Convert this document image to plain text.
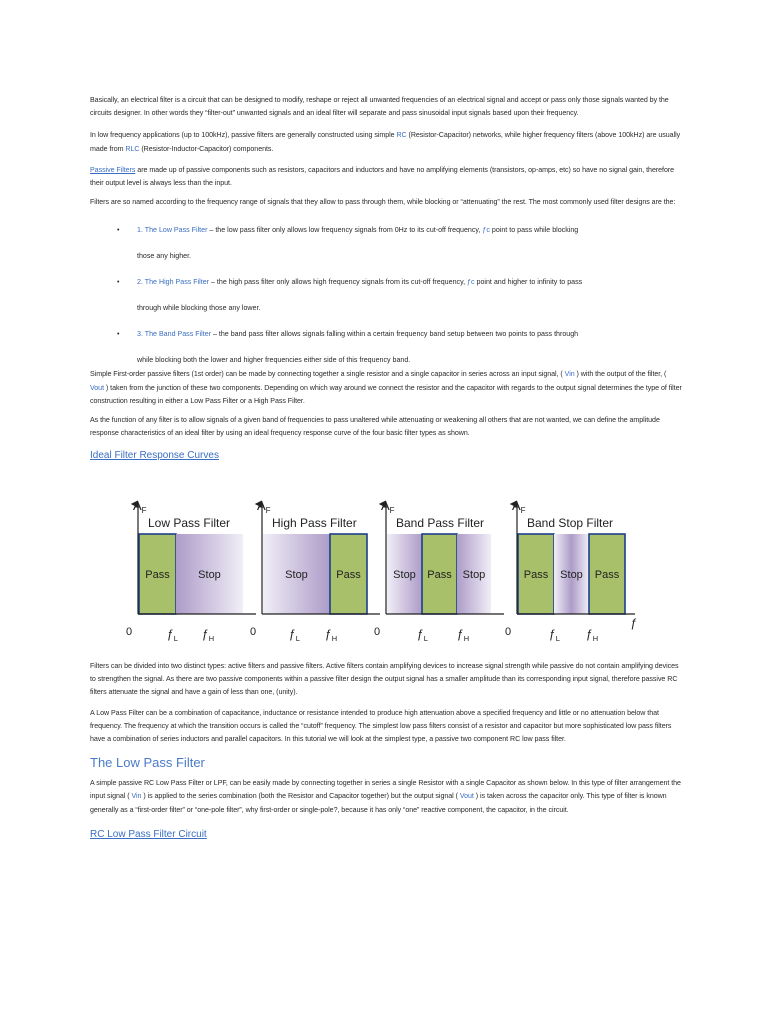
Basically, an electrical filter is a circuit that can be designed to modify, reshape or reject all unwanted frequencies of an electrical signal and accept or pass only those signals wanted by the circuits designer. In other words they “filter-out” unwanted signals and an ideal filter will separate and pass sinusoidal input signals based upon their frequency.

In low frequency applications (up to 100kHz), passive filters are generally constructed using simple RC (Resistor-Capacitor) networks, while higher frequency filters (above 100kHz) are usually made from RLC (Resistor-Inductor-Capacitor) components.

Passive Filters are made up of passive components such as resistors, capacitors and inductors and have no amplifying elements (transistors, op-amps, etc) so have no signal gain, therefore their output level is always less than the input.

Filters are so named according to the frequency range of signals that they allow to pass through them, while blocking or “attenuating” the rest. The most commonly used filter designs are the:

• 1. The Low Pass Filter – the low pass filter only allows low frequency signals from 0Hz to its cut-off frequency, ƒc point to pass while blocking
those any higher.
• 2. The High Pass Filter – the high pass filter only allows high frequency signals from its cut-off frequency, ƒc point and higher to infinity to pass
through while blocking those any lower.
• 3. The Band Pass Filter – the band pass filter allows signals falling within a certain frequency band setup between two points to pass through
while blocking both the lower and higher frequencies either side of this frequency band.

Simple First-order passive filters (1st order) can be made by connecting together a single resistor and a single capacitor in series across an input signal, ( Vin ) with the output of the filter, ( Vout ) taken from the junction of these two components. Depending on which way around we connect the resistor and the capacitor with regards to the output signal determines the type of filter construction resulting in either a Low Pass Filter or a High Pass Filter.

As the function of any filter is to allow signals of a given band of frequencies to pass unaltered while attenuating or weakening all others that are not wanted, we can define the amplitude response characteristics of an ideal filter by using an ideal frequency response curve of the four basic filter types as shown.

Ideal Filter Response Curves

Pass	Stop
$A_F$
Low Pass Filter
0
Stop	Pass
$A_F$
High Pass Filter
0
Stop Pass Stop
$A_F$
Band Pass Filter
0
Pass Stop Pass
$A_F$
Band Stop Filter
0
$ƒ_L$	$ƒ_L$	$ƒ_L$	$ƒ_L$
$ƒ_H$	$ƒ_H$	$ƒ_H$	$ƒ_H$
ƒ

Filters can be divided into two distinct types: active filters and passive filters. Active filters contain amplifying devices to increase signal strength while passive do not contain amplifying devices to strengthen the signal. As there are two passive components within a passive filter design the output signal has a smaller amplitude than its corresponding input signal, therefore passive RC filters attenuate the signal and have a gain of less than one, (unity).

A Low Pass Filter can be a combination of capacitance, inductance or resistance intended to produce high attenuation above a specified frequency and little or no attenuation below that frequency. The frequency at which the transition occurs is called the “cutoff” frequency. The simplest low pass filters consist of a resistor and capacitor but more sophisticated low pass filters have a combination of series inductors and parallel capacitors. In this tutorial we will look at the simplest type, a passive two component RC low pass filter.

The Low Pass Filter

A simple passive RC Low Pass Filter or LPF, can be easily made by connecting together in series a single Resistor with a single Capacitor as shown below. In this type of filter arrangement the input signal ( Vin ) is applied to the series combination (both the Resistor and Capacitor together) but the output signal ( Vout ) is taken across the capacitor only. This type of filter is known generally as a “first-order filter” or “one-pole filter”, why first-order or single-pole?, because it has only “one” reactive component, the capacitor, in the circuit.

RC Low Pass Filter Circuit
